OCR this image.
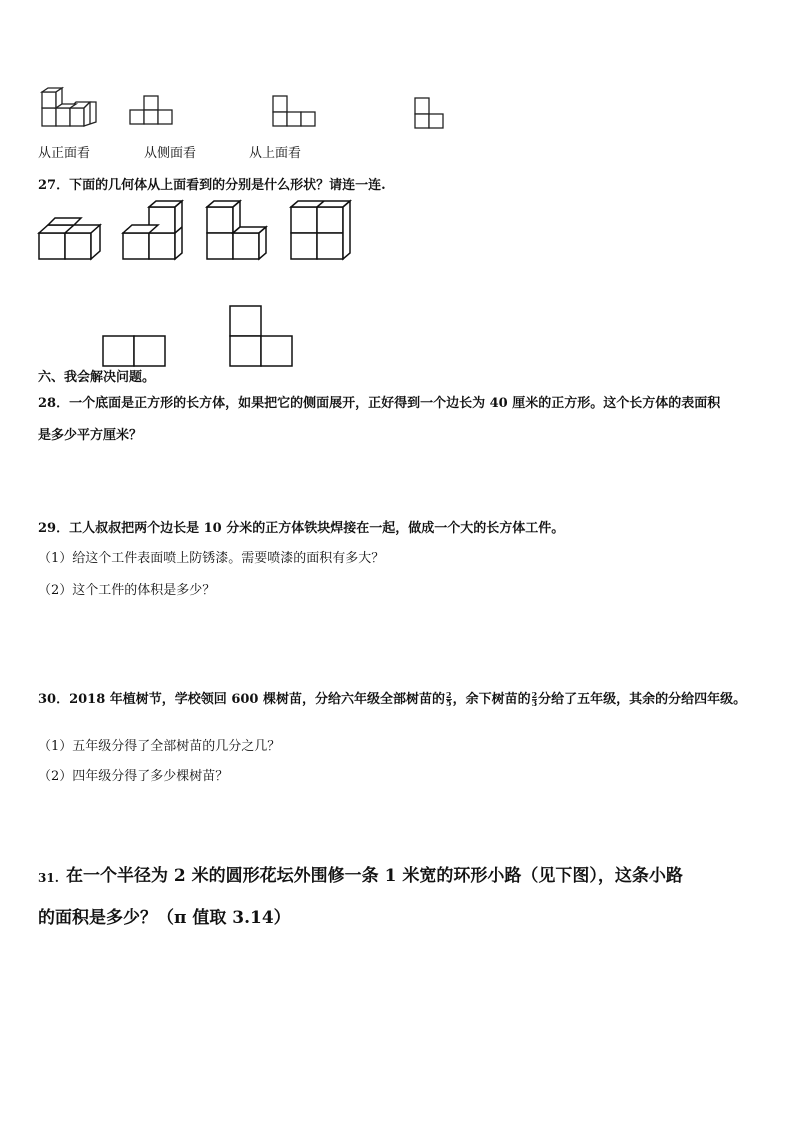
从正面看	从侧面看	从上面看
27．下面的几何体从上面看到的分别是什么形状？请连一连.
六、我会解决问题。
28．一个底面是正方形的长方体，如果把它的侧面展开，正好得到一个边长为 40 厘米的正方形。这个长方体的表面积
是多少平方厘米？
29．工人叔叔把两个边长是 10 分米的正方体铁块焊接在一起，做成一个大的长方体工件。
（1）给这个工件表面喷上防锈漆。需要喷漆的面积有多大？
（2）这个工件的体积是多少？
30．2018 年植树节，学校领回 600 棵树苗，分给六年级全部树苗的 $\frac{2}{5}$ ，余下树苗的 $\frac{2}{3}$ 分给了五年级，其余的分给四年级。
（1）五年级分得了全部树苗的几分之几？
（2）四年级分得了多少棵树苗？
31. 在一个半径为 2 米的圆形花坛外围修一条 1 米宽的环形小路（见下图），这条小路
的面积是多少？（π 值取 3.14）
